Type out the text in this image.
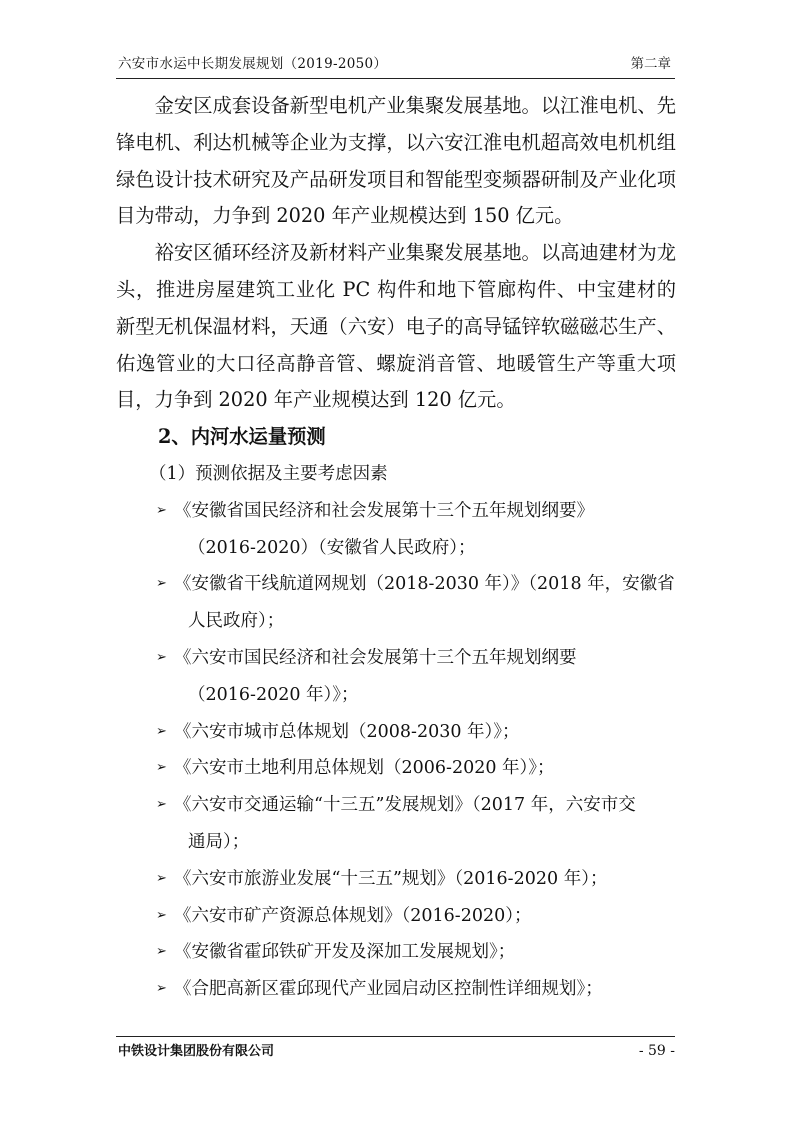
六安市水运中长期发展规划（2019-2050）	第二章

金安区成套设备新型电机产业集聚发展基地。以江淮电机、先锋电机、利达机械等企业为支撑，以六安江淮电机超高效电机机组绿色设计技术研究及产品研发项目和智能型变频器研制及产业化项目为带动，力争到 2020 年产业规模达到 150 亿元。

裕安区循环经济及新材料产业集聚发展基地。以高迪建材为龙头，推进房屋建筑工业化 PC 构件和地下管廊构件、中宝建材的新型无机保温材料，天通（六安）电子的高导锰锌软磁磁芯生产、佑逸管业的大口径高静音管、螺旋消音管、地暖管生产等重大项目，力争到 2020 年产业规模达到 120 亿元。

2、内河水运量预测

（1）预测依据及主要考虑因素

➢ 《安徽省国民经济和社会发展第十三个五年规划纲要》
（2016-2020）（安徽省人民政府）；
➢ 《安徽省干线航道网规划（2018-2030 年）》（2018 年，安徽省
人民政府）；
➢ 《六安市国民经济和社会发展第十三个五年规划纲要
（2016-2020 年）》；
➢ 《六安市城市总体规划（2008-2030 年）》；
➢ 《六安市土地利用总体规划（2006-2020 年）》；
➢ 《六安市交通运输“十三五”发展规划》（2017 年，六安市交
通局）；
➢ 《六安市旅游业发展“十三五”规划》（2016-2020 年）；
➢ 《六安市矿产资源总体规划》（2016-2020）；
➢ 《安徽省霍邱铁矿开发及深加工发展规划》；
➢ 《合肥高新区霍邱现代产业园启动区控制性详细规划》；
中铁设计集团股份有限公司	- 59 -
